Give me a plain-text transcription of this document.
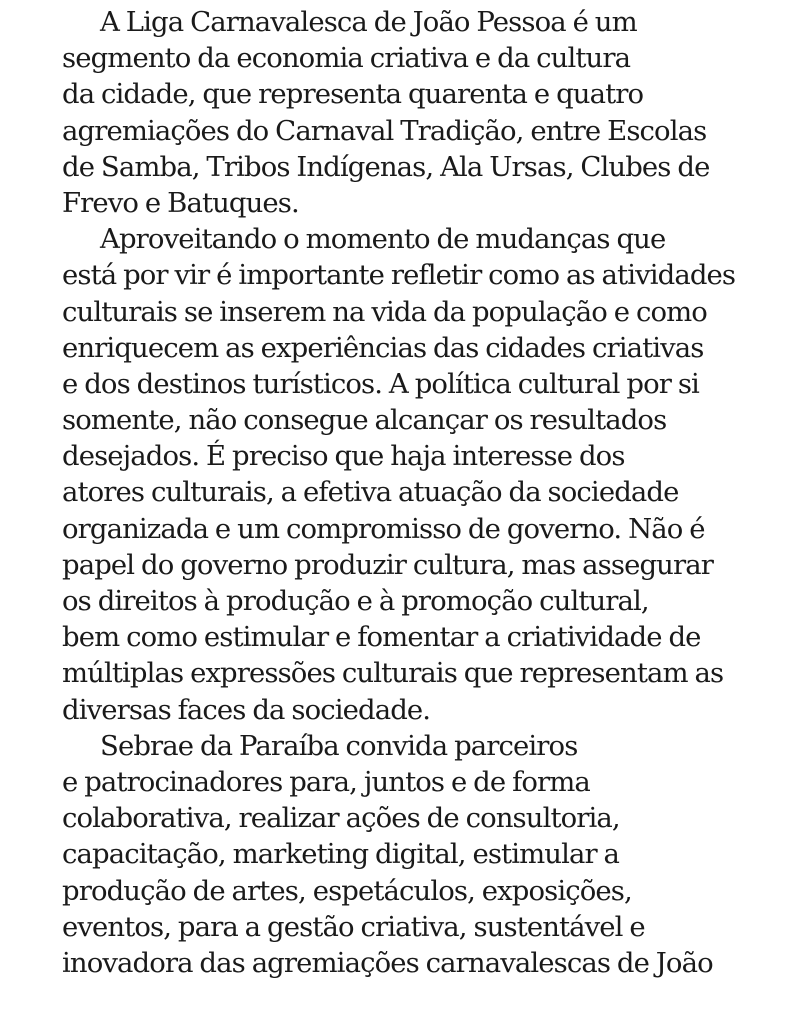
A Liga Carnavalesca de João Pessoa é um
segmento da economia criativa e da cultura
da cidade, que representa quarenta e quatro
agremiações do Carnaval Tradição, entre Escolas
de Samba, Tribos Indígenas, Ala Ursas, Clubes de
Frevo e Batuques.
Aproveitando o momento de mudanças que
está por vir é importante refletir como as atividades
culturais se inserem na vida da população e como
enriquecem as experiências das cidades criativas
e dos destinos turísticos. A política cultural por si
somente, não consegue alcançar os resultados
desejados. É preciso que haja interesse dos
atores culturais, a efetiva atuação da sociedade
organizada e um compromisso de governo. Não é
papel do governo produzir cultura, mas assegurar
os direitos à produção e à promoção cultural,
bem como estimular e fomentar a criatividade de
múltiplas expressões culturais que representam as
diversas faces da sociedade.
Sebrae da Paraíba convida parceiros
e patrocinadores para, juntos e de forma
colaborativa, realizar ações de consultoria,
capacitação, marketing digital, estimular a
produção de artes, espetáculos, exposições,
eventos, para a gestão criativa, sustentável e
inovadora das agremiações carnavalescas de João
